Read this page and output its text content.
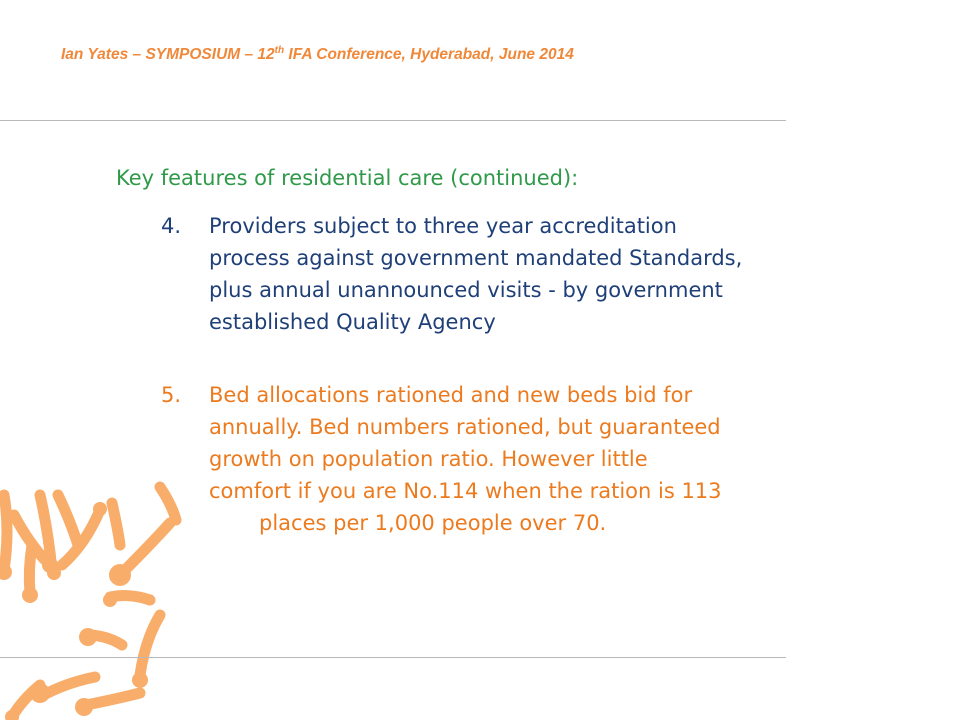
Ian Yates – SYMPOSIUM – 12th IFA Conference, Hyderabad, June 2014
Key features of residential care (continued):
4.	Providers subject to three year accreditation
process against government mandated Standards,
plus annual unannounced visits - by government
established Quality Agency
5.	Bed allocations rationed and new beds bid for
annually. Bed numbers rationed, but guaranteed
growth on population ratio. However little
comfort if you are No.114 when the ration is 113
places per 1,000 people over 70.
